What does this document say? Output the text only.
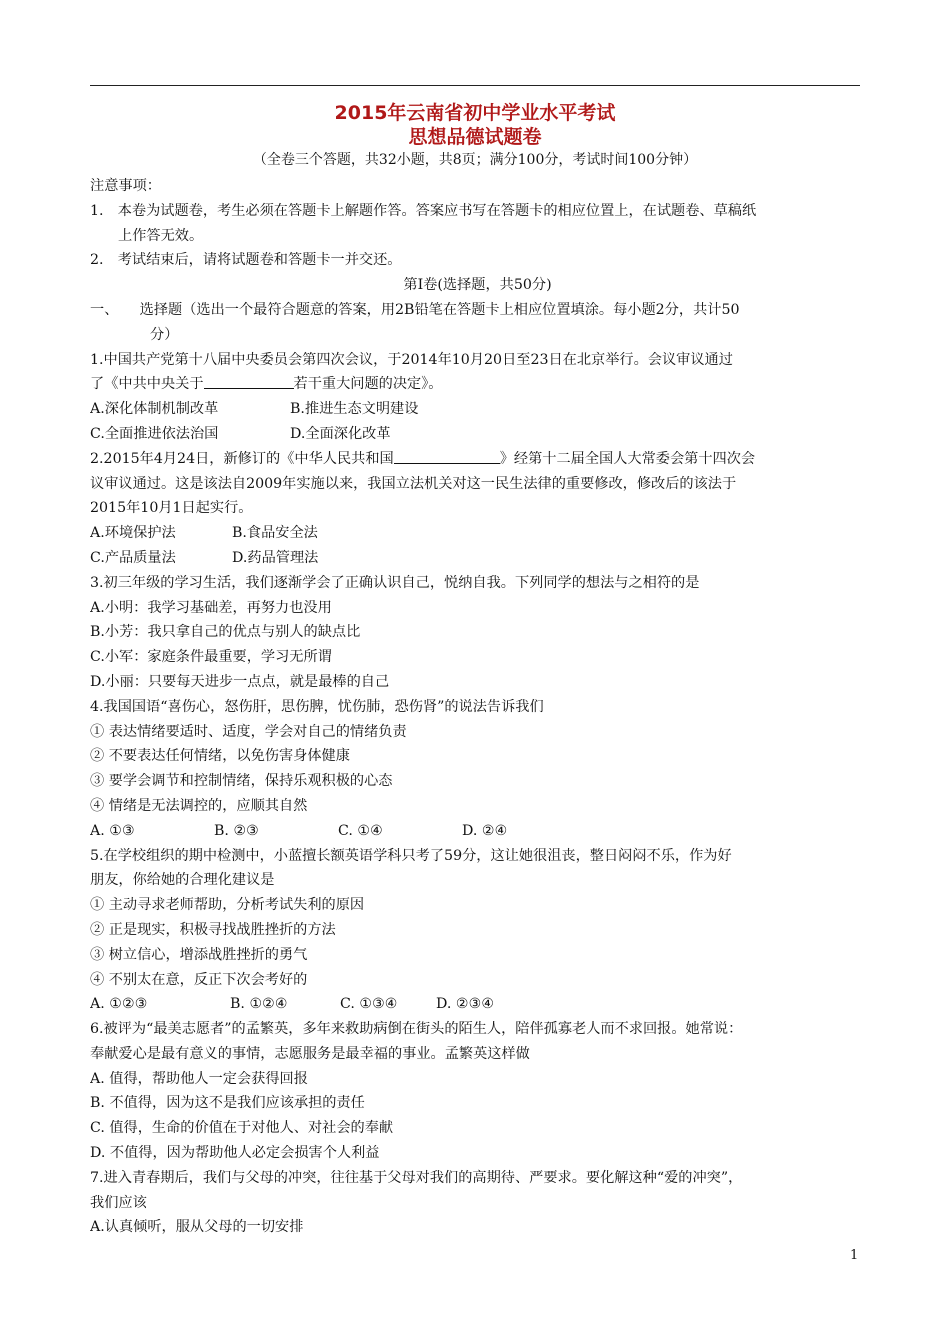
2015年云南省初中学业水平考试
思想品德试题卷
（全卷三个答题，共32小题，共8页；满分100分，考试时间100分钟）
注意事项：
1.　本卷为试题卷，考生必须在答题卡上解题作答。答案应书写在答题卡的相应位置上，在试题卷、草稿纸
上作答无效。
2.　考试结束后，请将试题卷和答题卡一并交还。
第Ⅰ卷(选择题，共50分)
一、　　选择题（选出一个最符合题意的答案，用2B铅笔在答题卡上相应位置填涂。每小题2分，共计50
分）
1.中国共产党第十八届中央委员会第四次会议，于2014年10月20日至23日在北京举行。会议审议通过
了《中共中央关于	若干重大问题的决定》。
A.深化体制机制改革	B.推进生态文明建设
C.全面推进依法治国	D.全面深化改革
2.2015年4月24日，新修订的《中华人民共和国	》经第十二届全国人大常委会第十四次会
议审议通过。这是该法自2009年实施以来，我国立法机关对这一民生法律的重要修改，修改后的该法于
2015年10月1日起实行。
A.环境保护法	B.食品安全法
C.产品质量法	D.药品管理法
3.初三年级的学习生活，我们逐渐学会了正确认识自己，悦纳自我。下列同学的想法与之相符的是
A.小明：我学习基础差，再努力也没用
B.小芳：我只拿自己的优点与别人的缺点比
C.小军：家庭条件最重要，学习无所谓
D.小丽：只要每天进步一点点，就是最棒的自己
4.我国国语“喜伤心，怒伤肝，思伤脾，忧伤肺，恐伤肾”的说法告诉我们
① 表达情绪要适时、适度，学会对自己的情绪负责
② 不要表达任何情绪，以免伤害身体健康
③ 要学会调节和控制情绪，保持乐观积极的心态
④ 情绪是无法调控的，应顺其自然
A. ①③	B. ②③	C. ①④	D. ②④
5.在学校组织的期中检测中，小蓝擅长额英语学科只考了59分，这让她很沮丧，整日闷闷不乐，作为好
朋友，你给她的合理化建议是
① 主动寻求老师帮助，分析考试失利的原因
② 正是现实，积极寻找战胜挫折的方法
③ 树立信心，增添战胜挫折的勇气
④ 不别太在意，反正下次会考好的
A. ①②③	B. ①②④	C. ①③④	D. ②③④
6.被评为“最美志愿者”的孟繁英，多年来救助病倒在街头的陌生人，陪伴孤寡老人而不求回报。她常说：
奉献爱心是最有意义的事情，志愿服务是最幸福的事业。孟繁英这样做
A. 值得，帮助他人一定会获得回报
B. 不值得，因为这不是我们应该承担的责任
C. 值得，生命的价值在于对他人、对社会的奉献
D. 不值得，因为帮助他人必定会损害个人利益
7.进入青春期后，我们与父母的冲突，往往基于父母对我们的高期待、严要求。要化解这种“爱的冲突”，
我们应该
A.认真倾听，服从父母的一切安排
1
